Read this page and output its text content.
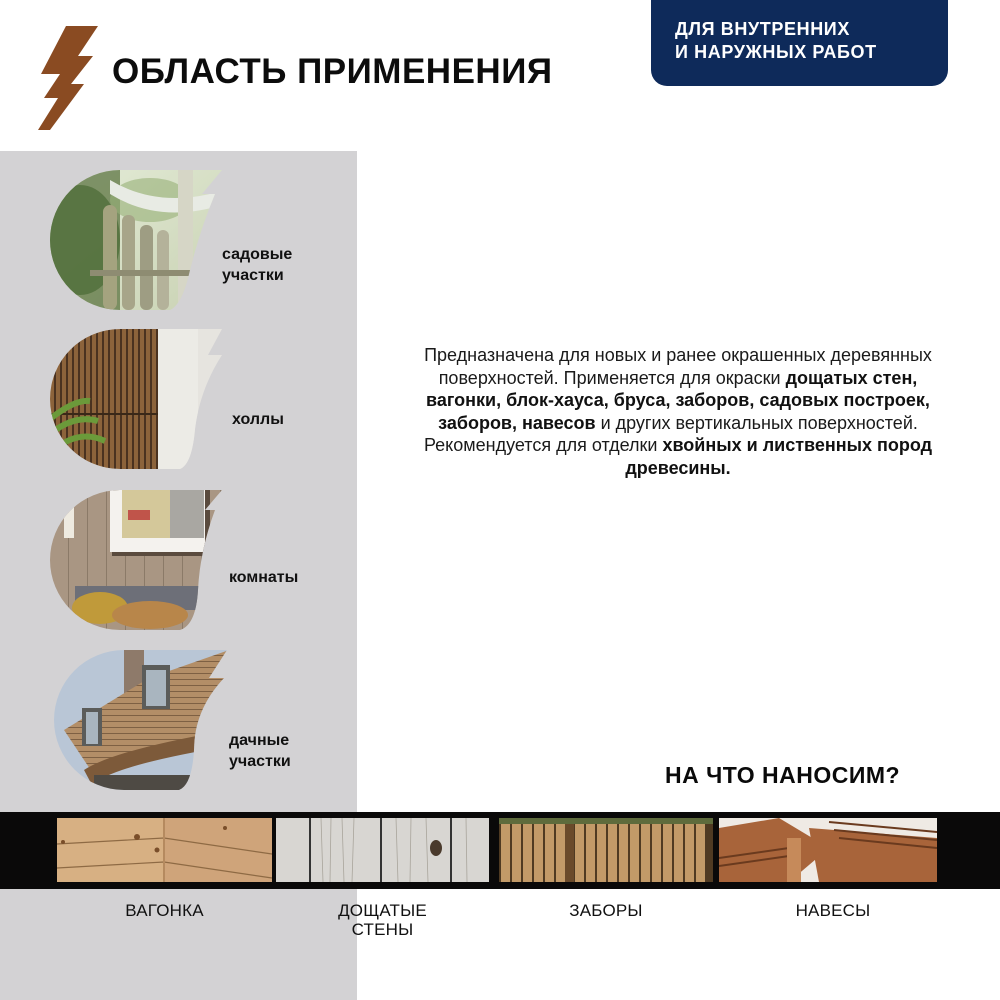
ОБЛАСТЬ ПРИМЕНЕНИЯ
ДЛЯ ВНУТРЕННИХ
И НАРУЖНЫХ РАБОТ
садовые
участки
холлы
комнаты
дачные
участки
Предназначена для новых и ранее окрашенных деревянных поверхностей. Применяется для окраски дощатых стен, вагонки, блок-хауса, бруса, заборов, садовых построек, заборов, навесов и других вертикальных поверхностей. Рекомендуется для отделки хвойных и лиственных пород древесины.
НА ЧТО НАНОСИМ?
ВАГОНКА	ДОЩАТЫЕ
СТЕНЫ
ЗАБОРЫ	НАВЕСЫ
